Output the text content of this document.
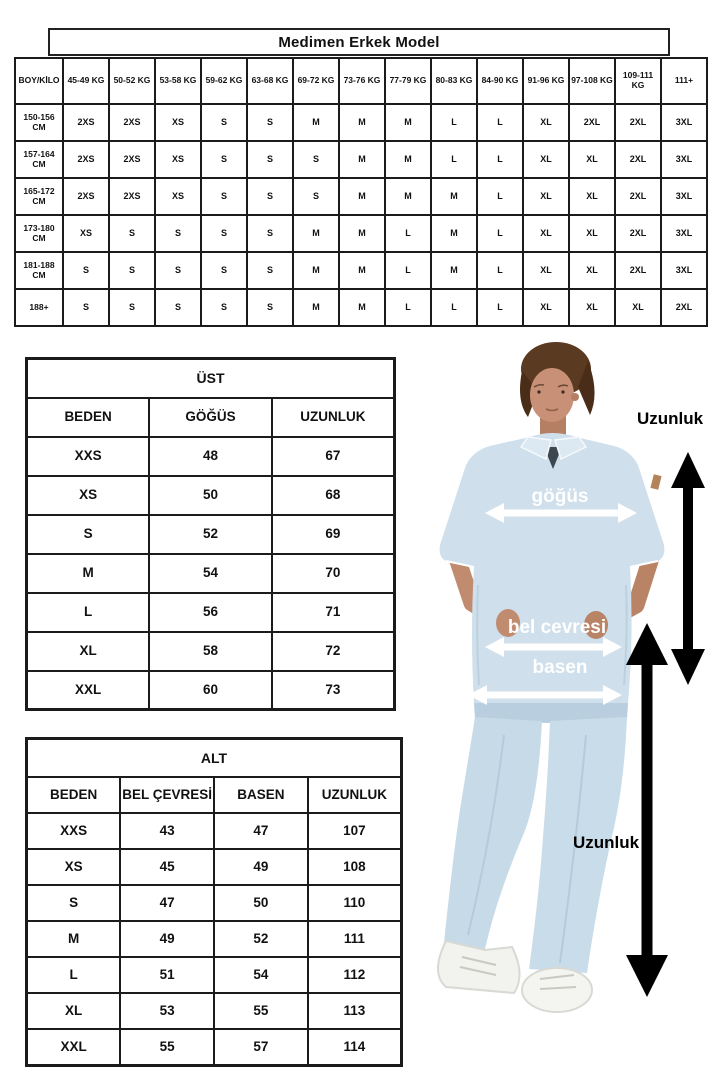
Medimen Erkek Model
BOY/KİLO	45-49 KG	50-52 KG	53-58 KG	59-62 KG	63-68 KG	69-72 KG	73-76 KG	77-79 KG	80-83 KG	84-90 KG	91-96 KG	97-108 KG	109-111 KG	111+
150-156 CM	2XS	2XS	XS	S	S	M	M	M	L	L	XL	2XL	2XL	3XL
157-164 CM	2XS	2XS	XS	S	S	S	M	M	L	L	XL	XL	2XL	3XL
165-172 CM	2XS	2XS	XS	S	S	S	M	M	M	L	XL	XL	2XL	3XL
173-180 CM	XS	S	S	S	S	M	M	L	M	L	XL	XL	2XL	3XL
181-188 CM	S	S	S	S	S	M	M	L	M	L	XL	XL	2XL	3XL
188+	S	S	S	S	S	M	M	L	L	L	XL	XL	XL	2XL
ÜST		
BEDEN	GÖĞÜS	UZUNLUK
XXS	48	67
XS	50	68
S	52	69
M	54	70
L	56	71
XL	58	72
XXL	60	73
ALT			
BEDEN	BEL ÇEVRESİ	BASEN	UZUNLUK
XXS	43	47	107
XS	45	49	108
S	47	50	110
M	49	52	111
L	51	54	112
XL	53	55	113
XXL	55	57	114
göğüs
bel cevresi
basen
Uzunluk
Uzunluk
